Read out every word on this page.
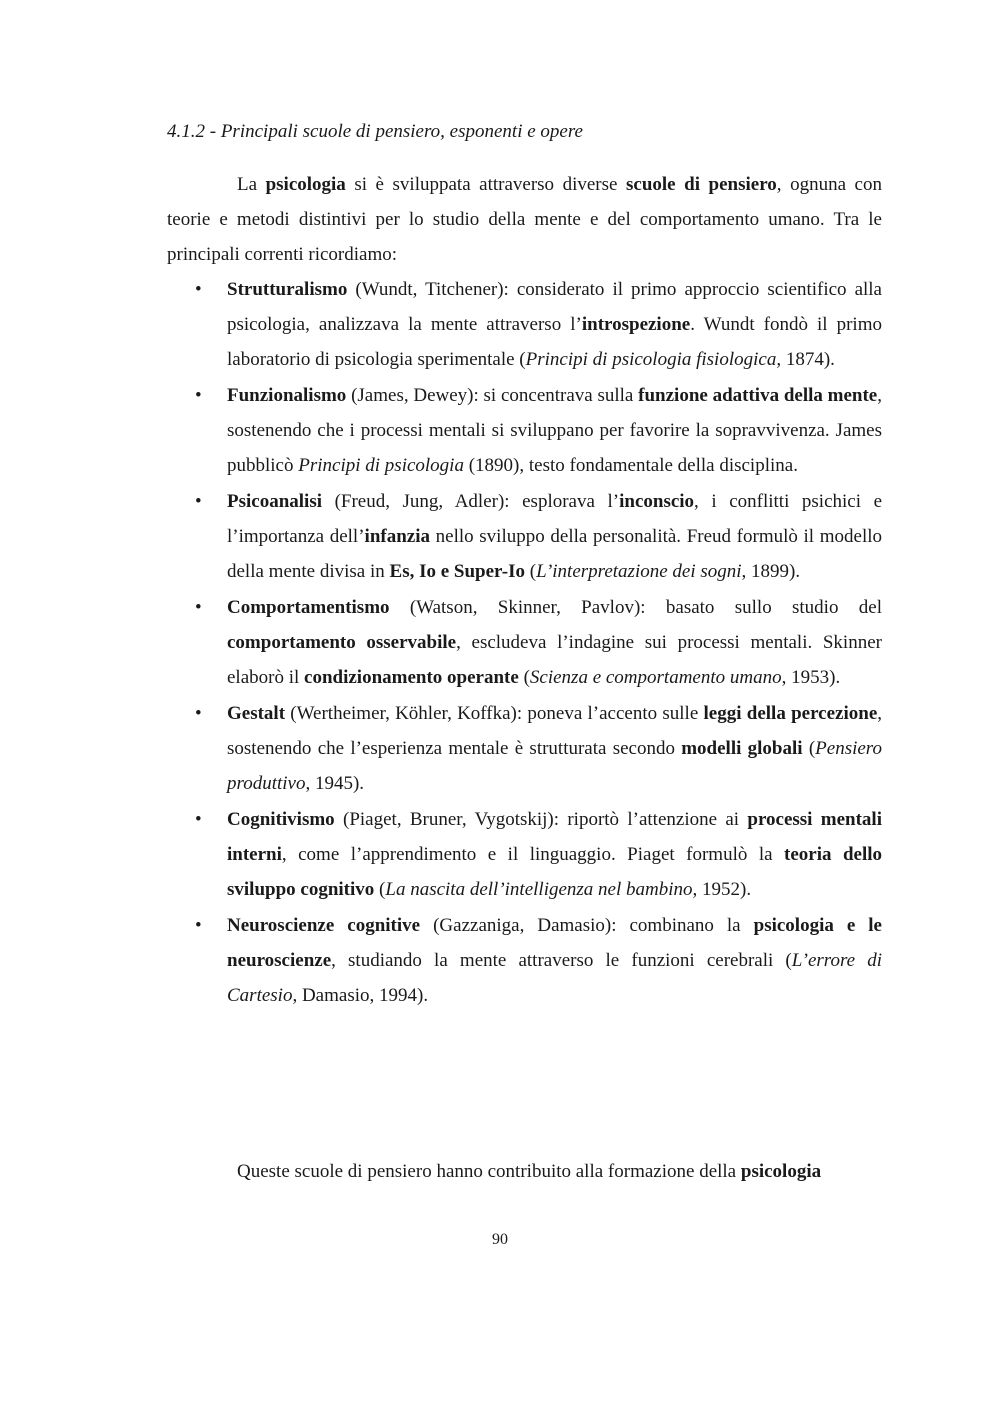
4.1.2 - Principali scuole di pensiero, esponenti e opere

La psicologia si è sviluppata attraverso diverse scuole di pensiero, ognuna con teorie e metodi distintivi per lo studio della mente e del comportamento umano. Tra le principali correnti ricordiamo:

•	Strutturalismo (Wundt, Titchener): considerato il primo approccio scientifico alla psicologia, analizzava la mente attraverso l’introspezione. Wundt fondò il primo laboratorio di psicologia sperimentale (Principi di psicologia fisiologica, 1874).
•	Funzionalismo (James, Dewey): si concentrava sulla funzione adattiva della mente, sostenendo che i processi mentali si sviluppano per favorire la sopravvivenza. James pubblicò Principi di psicologia (1890), testo fondamentale della disciplina.
•	Psicoanalisi (Freud, Jung, Adler): esplorava l’inconscio, i conflitti psichici e l’importanza dell’infanzia nello sviluppo della personalità. Freud formulò il modello della mente divisa in Es, Io e Super-Io (L’interpretazione dei sogni, 1899).
•	Comportamentismo (Watson, Skinner, Pavlov): basato sullo studio del comportamento osservabile, escludeva l’indagine sui processi mentali. Skinner elaborò il condizionamento operante (Scienza e comportamento umano, 1953).
•	Gestalt (Wertheimer, Köhler, Koffka): poneva l’accento sulle leggi della percezione, sostenendo che l’esperienza mentale è strutturata secondo modelli globali (Pensiero produttivo, 1945).
•	Cognitivismo (Piaget, Bruner, Vygotskij): riportò l’attenzione ai processi mentali interni, come l’apprendimento e il linguaggio. Piaget formulò la teoria dello sviluppo cognitivo (La nascita dell’intelligenza nel bambino, 1952).
•	Neuroscienze cognitive (Gazzaniga, Damasio): combinano la psicologia e le neuroscienze, studiando la mente attraverso le funzioni cerebrali (L’errore di Cartesio, Damasio, 1994).

Queste scuole di pensiero hanno contribuito alla formazione della psicologia

90
